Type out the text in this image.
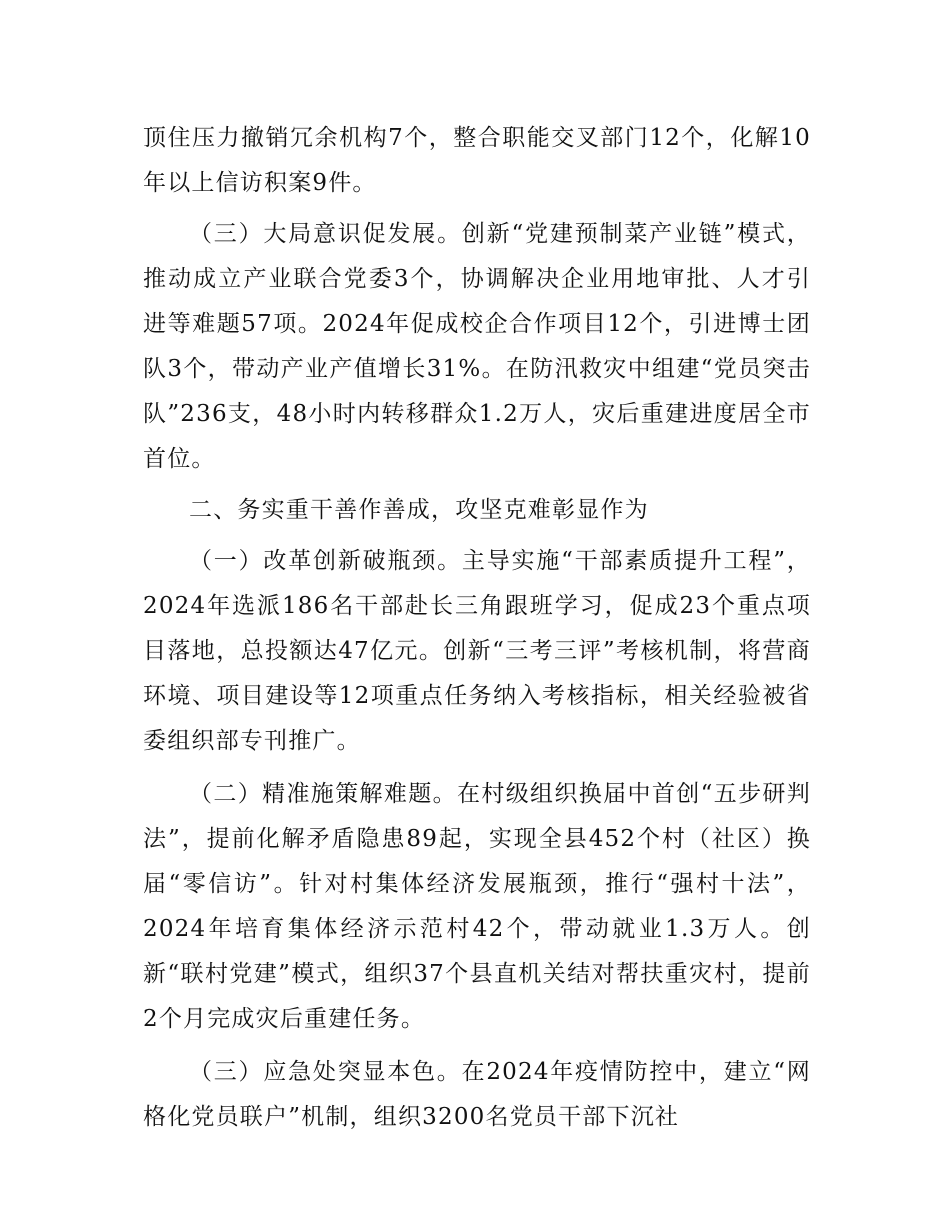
顶住压力撤销冗余机构7个，整合职能交叉部门12个，化解10年以上信访积案9件。

（三）大局意识促发展。创新“党建预制菜产业链”模式，推动成立产业联合党委3个，协调解决企业用地审批、人才引进等难题57项。2024年促成校企合作项目12个，引进博士团队3个，带动产业产值增长31%。在防汛救灾中组建“党员突击队”236支，48小时内转移群众1.2万人，灾后重建进度居全市首位。

二、务实重干善作善成，攻坚克难彰显作为

（一）改革创新破瓶颈。主导实施“干部素质提升工程”，2024年选派186名干部赴长三角跟班学习，促成23个重点项目落地，总投额达47亿元。创新“三考三评”考核机制，将营商环境、项目建设等12项重点任务纳入考核指标，相关经验被省委组织部专刊推广。

（二）精准施策解难题。在村级组织换届中首创“五步研判法”，提前化解矛盾隐患89起，实现全县452个村（社区）换届“零信访”。针对村集体经济发展瓶颈，推行“强村十法”，2024年培育集体经济示范村42个，带动就业1.3万人。创新“联村党建”模式，组织37个县直机关结对帮扶重灾村，提前2个月完成灾后重建任务。

（三）应急处突显本色。在2024年疫情防控中，建立“网格化党员联户”机制，组织3200名党员干部下沉社
